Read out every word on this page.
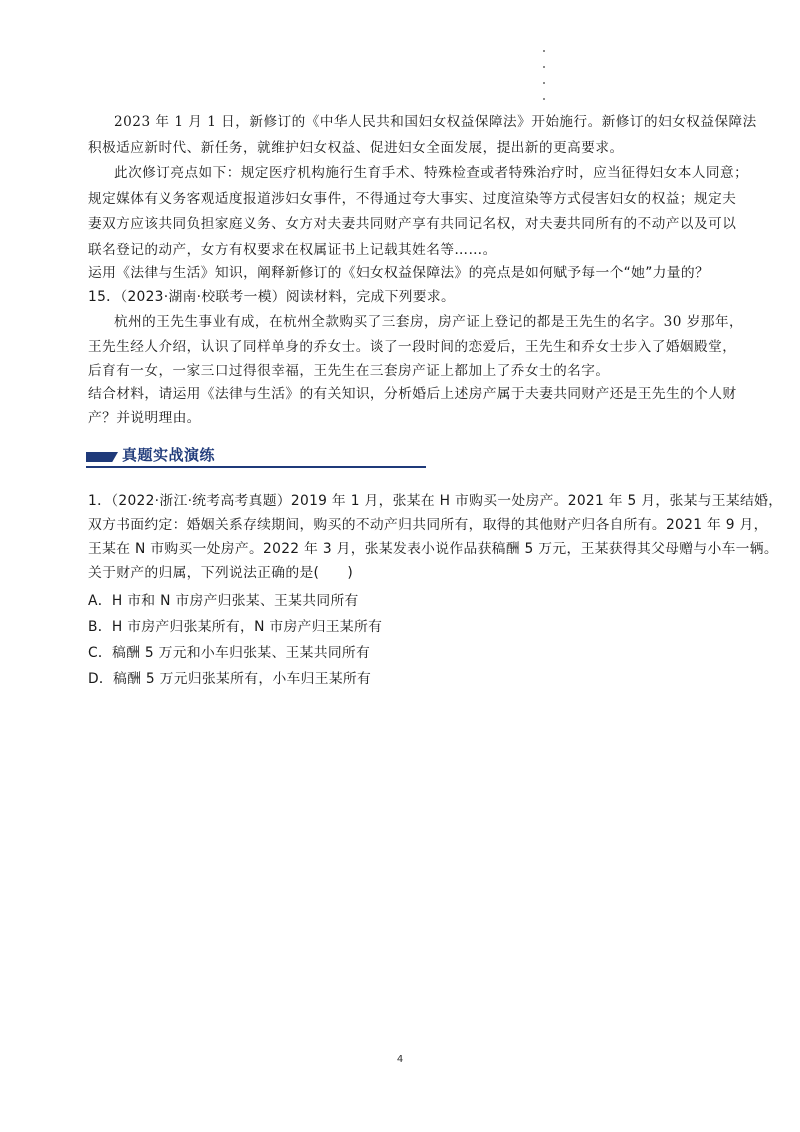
2023 年 1 月 1 日，新修订的《中华人民共和国妇女权益保障法》开始施行。新修订的妇女权益保障法
积极适应新时代、新任务，就维护妇女权益、促进妇女全面发展，提出新的更高要求。
此次修订亮点如下：规定医疗机构施行生育手术、特殊检查或者特殊治疗时，应当征得妇女本人同意；
规定媒体有义务客观适度报道涉妇女事件，不得通过夸大事实、过度渲染等方式侵害妇女的权益；规定夫
妻双方应该共同负担家庭义务、女方对夫妻共同财产享有共同记名权，对夫妻共同所有的不动产以及可以
联名登记的动产，女方有权要求在权属证书上记载其姓名等……。
运用《法律与生活》知识，阐释新修订的《妇女权益保障法》的亮点是如何赋予每一个“她”力量的？
15．（2023·湖南·校联考一模）阅读材料，完成下列要求。
杭州的王先生事业有成，在杭州全款购买了三套房，房产证上登记的都是王先生的名字。30 岁那年，
王先生经人介绍，认识了同样单身的乔女士。谈了一段时间的恋爱后，王先生和乔女士步入了婚姻殿堂，
后育有一女，一家三口过得很幸福，王先生在三套房产证上都加上了乔女士的名字。
结合材料，请运用《法律与生活》的有关知识，分析婚后上述房产属于夫妻共同财产还是王先生的个人财
产？并说明理由。
真题实战演练
1．（2022·浙江·统考高考真题）2019 年 1 月，张某在 H 市购买一处房产。2021 年 5 月，张某与王某结婚，
双方书面约定：婚姻关系存续期间，购买的不动产归共同所有，取得的其他财产归各自所有。2021 年 9 月，
王某在 N 市购买一处房产。2022 年 3 月，张某发表小说作品获稿酬 5 万元，王某获得其父母赠与小车一辆。
关于财产的归属，下列说法正确的是(　　)
A．H 市和 N 市房产归张某、王某共同所有
B．H 市房产归张某所有，N 市房产归王某所有
C．稿酬 5 万元和小车归张某、王某共同所有
D．稿酬 5 万元归张某所有，小车归王某所有
4
